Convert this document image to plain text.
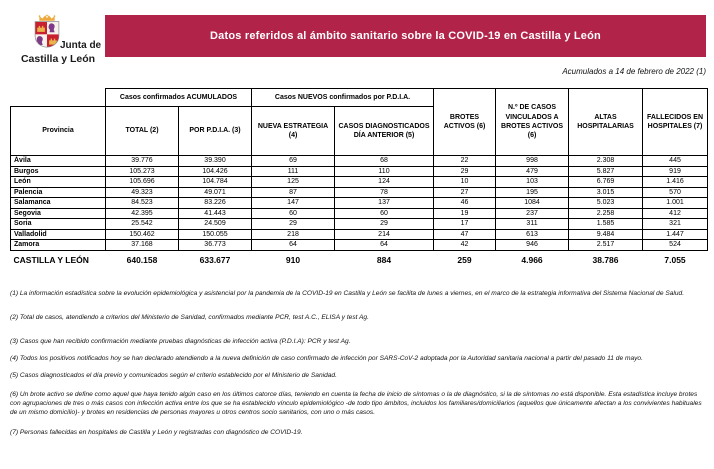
Junta de
Castilla y León
Datos referidos al ámbito sanitario sobre la COVID-19 en Castilla y León
Acumulados a 14 de febrero de 2022 (1)
	Casos confirmados ACUMULADOS		Casos NUEVOS confirmados por P.D.I.A.		BROTES ACTIVOS (6)	N.º DE CASOS VINCULADOS A BROTES ACTIVOS (6)	ALTAS HOSPITALARIAS	FALLECIDOS EN HOSPITALES (7)
Provincia	TOTAL (2)	POR P.D.I.A. (3)	NUEVA ESTRATEGIA (4)	CASOS DIAGNOSTICADOS DÍA ANTERIOR (5)				
Ávila	39.776	39.390	69	68	22	998	2.308	445
Burgos	105.273	104.426	111	110	29	479	5.827	919
León	105.696	104.784	125	124	10	103	6.769	1.416
Palencia	49.323	49.071	87	78	27	195	3.015	570
Salamanca	84.523	83.226	147	137	46	1084	5.023	1.001
Segovia	42.395	41.443	60	60	19	237	2.258	412
Soria	25.542	24.509	29	29	17	311	1.585	321
Valladolid	150.462	150.055	218	214	47	613	9.484	1.447
Zamora	37.168	36.773	64	64	42	946	2.517	524
CASTILLA Y LEÓN	640.158	633.677	910	884	259	4.966	38.786	7.055

(1) La información estadística sobre la evolución epidemiológica y asistencial por la pandemia de la COVID-19 en Castilla y León se facilita de lunes a viernes, en el marco de la estrategia informativa del Sistema Nacional de Salud.

(2) Total de casos, atendiendo a criterios del Ministerio de Sanidad, confirmados mediante PCR, test A.C., ELISA y test Ag.

(3) Casos que han recibido confirmación mediante pruebas diagnósticas de infección activa (P.D.I.A): PCR y test Ag.

(4) Todos los positivos notificados hoy se han declarado atendiendo a la nueva definición de caso confirmado de infección por SARS-CoV-2 adoptada por la Autoridad sanitaria nacional a partir del pasado 11 de mayo.

(5) Casos diagnosticados el día previo y comunicados según el criterio establecido por el Ministerio de Sanidad.

(6) Un brote activo se define como aquel que haya tenido algún caso en los últimos catorce días, teniendo en cuenta la fecha de inicio de síntomas o la de diagnóstico, si la de síntomas no está disponible. Esta estadística incluye brotes con agrupaciones de tres o más casos con infección activa entre los que se ha establecido vínculo epidemiológico -de todo tipo ámbitos, incluidos los familiares/domiciliarios (aquellos que únicamente afectan a los convivientes habituales de un mismo domicilio)- y brotes en residencias de personas mayores u otros centros socio sanitarios, con uno o más casos.

(7) Personas fallecidas en hospitales de Castilla y León y registradas con diagnóstico de COVID-19.
